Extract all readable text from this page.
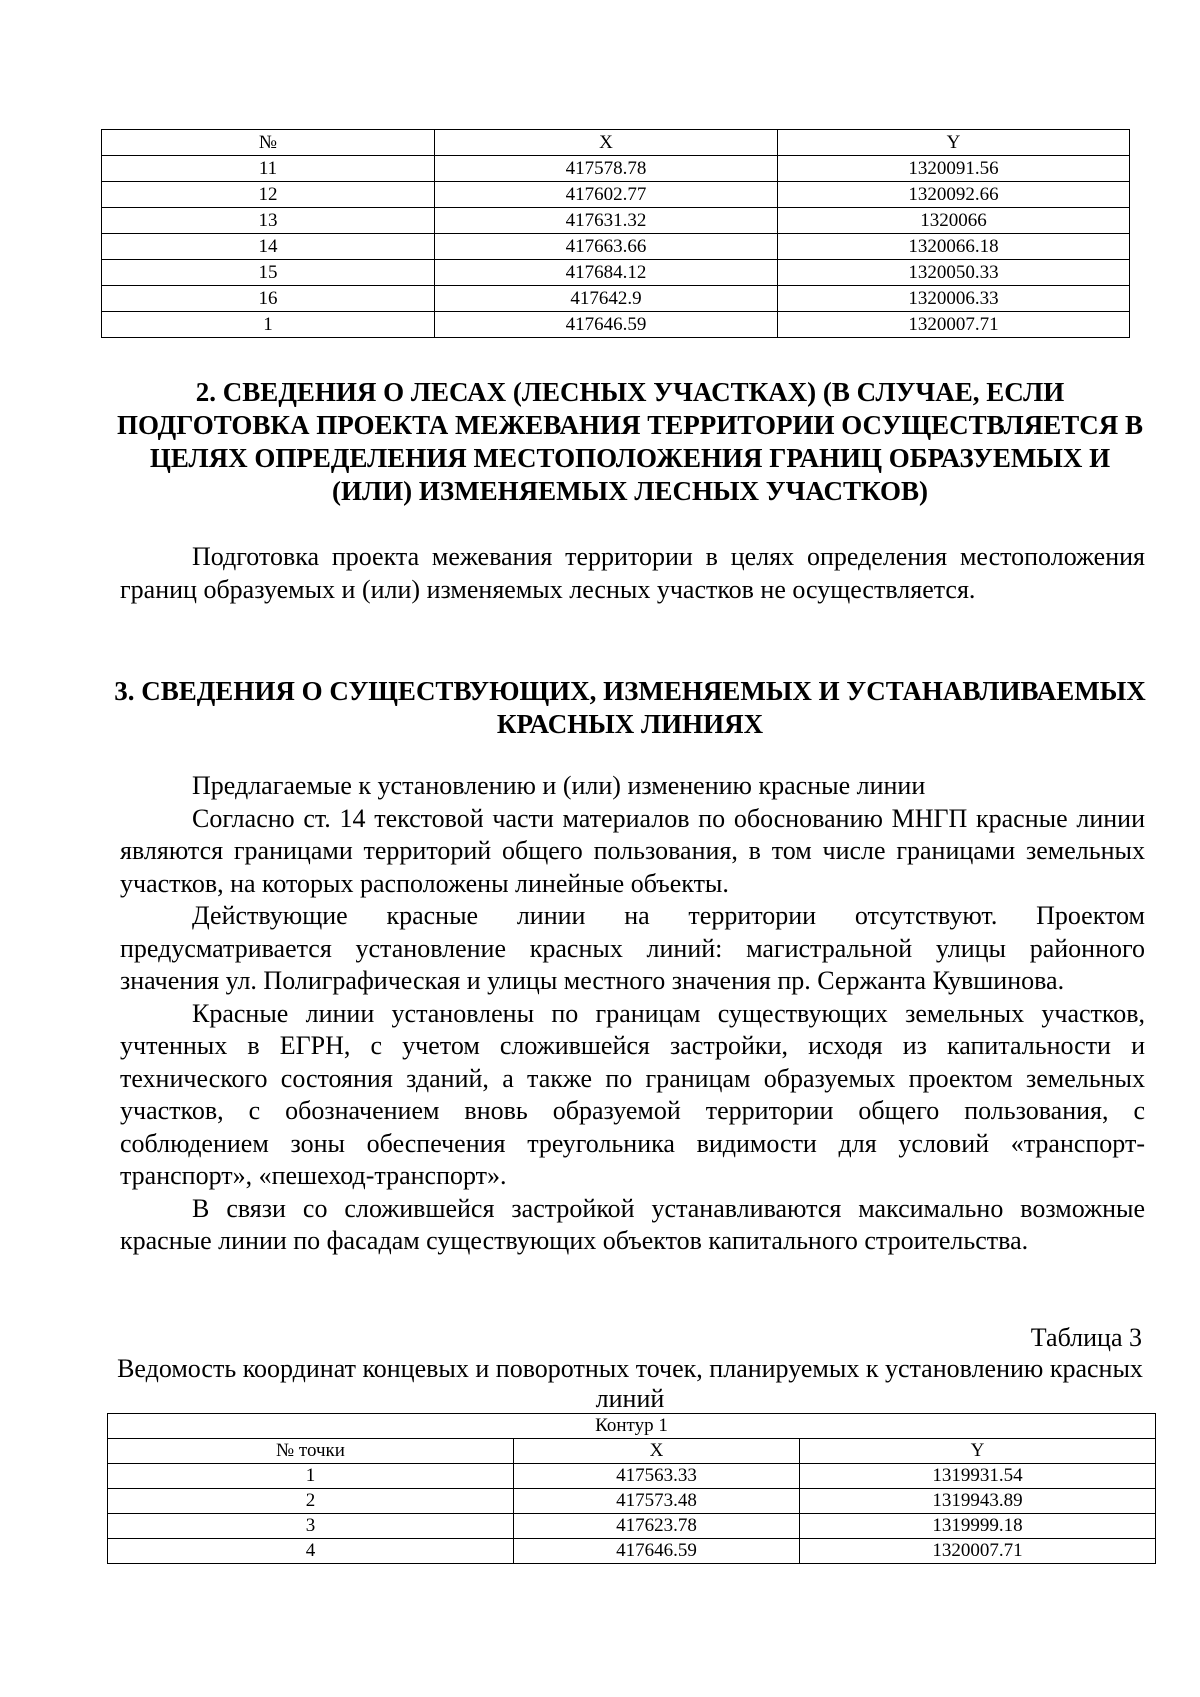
№	X	Y
11	417578.78	1320091.56
12	417602.77	1320092.66
13	417631.32	1320066
14	417663.66	1320066.18
15	417684.12	1320050.33
16	417642.9	1320006.33
1	417646.59	1320007.71
2. СВЕДЕНИЯ О ЛЕСАХ (ЛЕСНЫХ УЧАСТКАХ) (В СЛУЧАЕ, ЕСЛИ ПОДГОТОВКА ПРОЕКТА МЕЖЕВАНИЯ ТЕРРИТОРИИ ОСУЩЕСТВЛЯЕТСЯ В ЦЕЛЯХ ОПРЕДЕЛЕНИЯ МЕСТОПОЛОЖЕНИЯ ГРАНИЦ ОБРАЗУЕМЫХ И (ИЛИ) ИЗМЕНЯЕМЫХ ЛЕСНЫХ УЧАСТКОВ)
Подготовка проекта межевания территории в целях определения местоположения границ образуемых и (или) изменяемых лесных участков не осуществляется.
3. СВЕДЕНИЯ О СУЩЕСТВУЮЩИХ, ИЗМЕНЯЕМЫХ И УСТАНАВЛИВАЕМЫХ КРАСНЫХ ЛИНИЯХ

Предлагаемые к установлению и (или) изменению красные линии

Согласно ст. 14 текстовой части материалов по обоснованию МНГП красные линии являются границами территорий общего пользования, в том числе границами земельных участков, на которых расположены линейные объекты.

Действующие красные линии на территории отсутствуют. Проектом предусматривается установление красных линий: магистральной улицы районного значения ул. Полиграфическая и улицы местного значения пр. Сержанта Кувшинова.

Красные линии установлены по границам существующих земельных участков, учтенных в ЕГРН, с учетом сложившейся застройки, исходя из капитальности и технического состояния зданий, а также по границам образуемых проектом земельных участков, с обозначением вновь образуемой территории общего пользования, с соблюдением зоны обеспечения треугольника видимости для условий «транспорт-транспорт», «пешеход-транспорт».

В связи со сложившейся застройкой устанавливаются максимально возможные красные линии по фасадам существующих объектов капитального строительства.

Таблица 3
Ведомость координат концевых и поворотных точек, планируемых к установлению красных линий
Контур 1		
№ точки	X	Y
1	417563.33	1319931.54
2	417573.48	1319943.89
3	417623.78	1319999.18
4	417646.59	1320007.71
